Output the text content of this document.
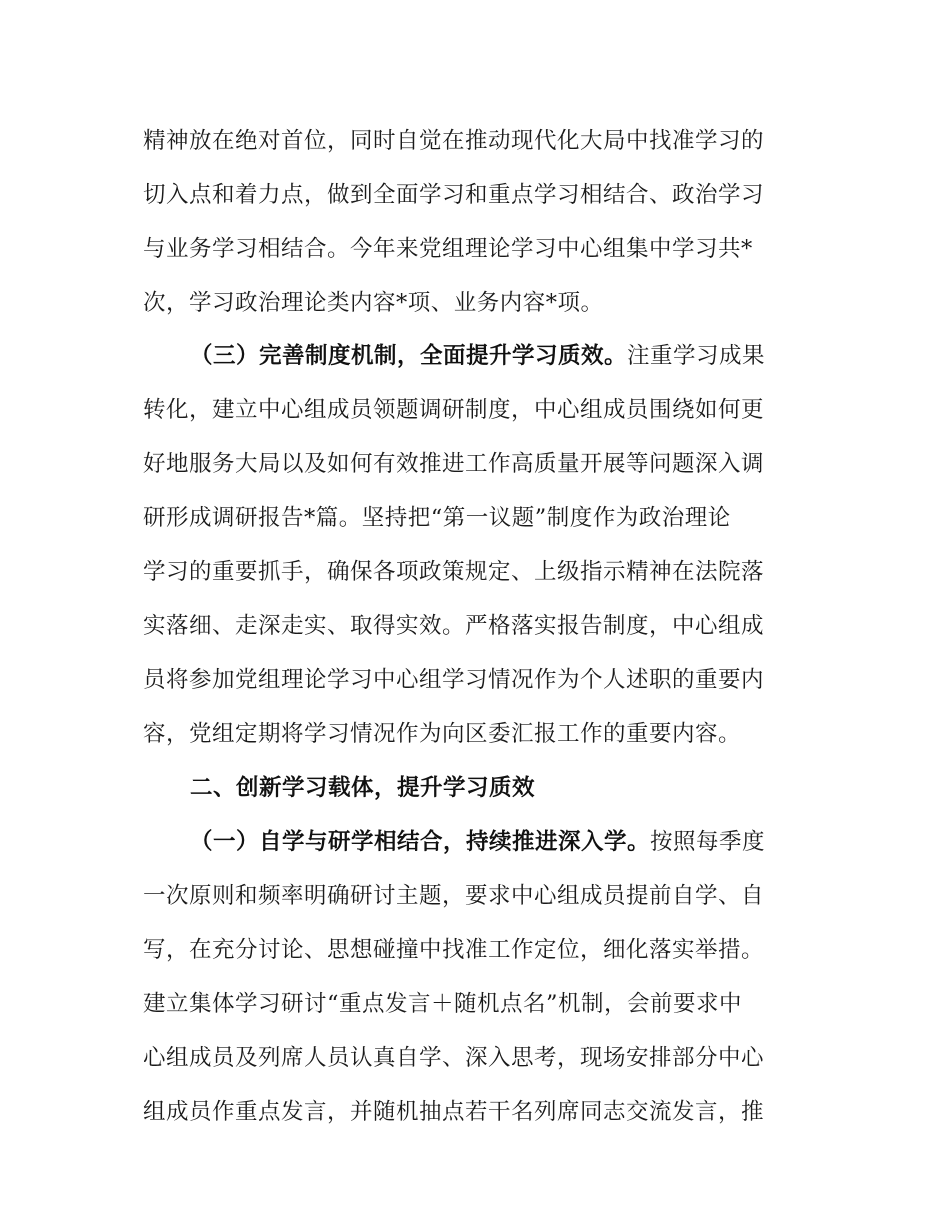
精神放在绝对首位，同时自觉在推动现代化大局中找准学习的
切入点和着力点，做到全面学习和重点学习相结合、政治学习
与业务学习相结合。今年来党组理论学习中心组集中学习共*
次，学习政治理论类内容*项、业务内容*项。
（三）完善制度机制，全面提升学习质效。注重学习成果
转化，建立中心组成员领题调研制度，中心组成员围绕如何更
好地服务大局以及如何有效推进工作高质量开展等问题深入调
研形成调研报告*篇。坚持把“第一议题”制度作为政治理论
学习的重要抓手，确保各项政策规定、上级指示精神在法院落
实落细、走深走实、取得实效。严格落实报告制度，中心组成
员将参加党组理论学习中心组学习情况作为个人述职的重要内
容，党组定期将学习情况作为向区委汇报工作的重要内容。
二、创新学习载体，提升学习质效
（一）自学与研学相结合，持续推进深入学。按照每季度
一次原则和频率明确研讨主题，要求中心组成员提前自学、自
写，在充分讨论、思想碰撞中找准工作定位，细化落实举措。
建立集体学习研讨“重点发言＋随机点名”机制，会前要求中
心组成员及列席人员认真自学、深入思考，现场安排部分中心
组成员作重点发言，并随机抽点若干名列席同志交流发言，推
